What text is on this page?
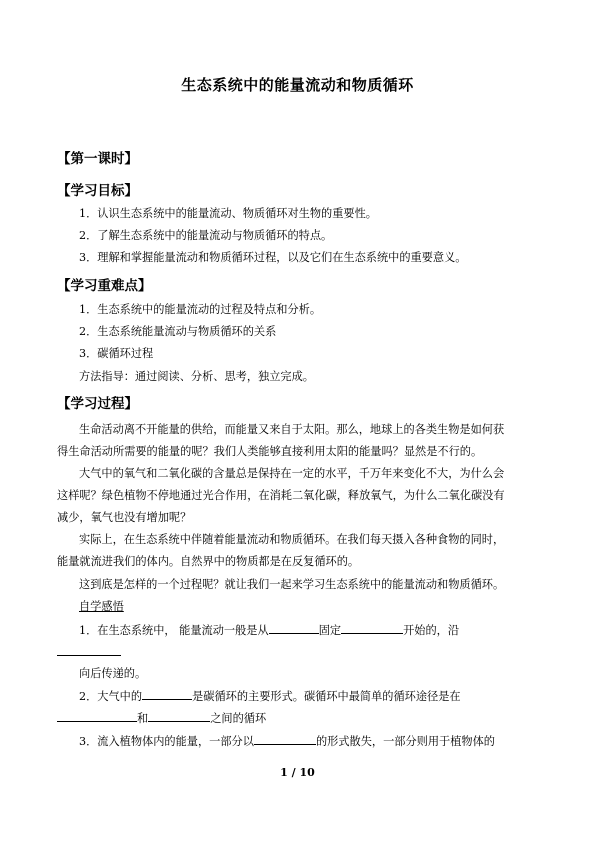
生态系统中的能量流动和物质循环
【第一课时】
【学习目标】
1．认识生态系统中的能量流动、物质循环对生物的重要性。
2．了解生态系统中的能量流动与物质循环的特点。
3．理解和掌握能量流动和物质循环过程，以及它们在生态系统中的重要意义。
【学习重难点】
1．生态系统中的能量流动的过程及特点和分析。
2．生态系统能量流动与物质循环的关系
3．碳循环过程
方法指导：通过阅读、分析、思考，独立完成。
【学习过程】
生命活动离不开能量的供给，而能量又来自于太阳。那么，地球上的各类生物是如何获
得生命活动所需要的能量的呢？我们人类能够直接利用太阳的能量吗？显然是不行的。
大气中的氧气和二氧化碳的含量总是保持在一定的水平，千万年来变化不大，为什么会
这样呢？绿色植物不停地通过光合作用，在消耗二氧化碳，释放氧气，为什么二氧化碳没有
减少，氧气也没有增加呢？
实际上，在生态系统中伴随着能量流动和物质循环。在我们每天摄入各种食物的同时，
能量就流进我们的体内。自然界中的物质都是在反复循环的。
这到底是怎样的一个过程呢？就让我们一起来学习生态系统中的能量流动和物质循环。
自学感悟
1．在生态系统中， 能量流动一般是从	固定	开始的，沿
向后传递的。
2．大气中的	是碳循环的主要形式。碳循环中最简单的循环途径是在
和	之间的循环
3．流入植物体内的能量，一部分以	的形式散失，一部分则用于植物体的
1 / 10
